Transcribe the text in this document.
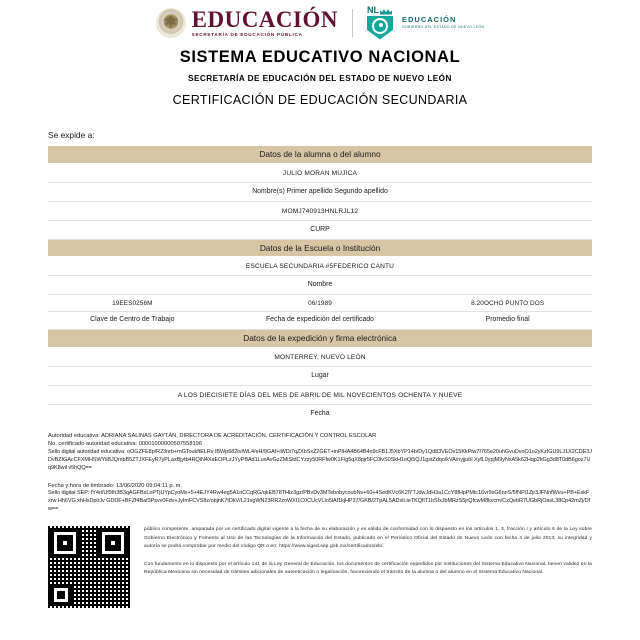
EDUCACIÓN
SECRETARÍA DE EDUCACIÓN PÚBLICA
NL
EDUCACIÓN
GOBIERNO DEL ESTADO DE NUEVO LEÓN
SISTEMA EDUCATIVO NACIONAL
SECRETARÍA DE EDUCACIÓN DEL ESTADO DE NUEVO LEÓN
CERTIFICACIÓN DE EDUCACIÓN SECUNDARIA
Se expide a:
Datos de la alumna o del alumno
JULIO MORAN MUJICA
Nombre(s) Primer apellido Segundo apellido
MOMJ740913HNLRJL12
CURP
Datos de la Escuela o Institución
ESCUELA SECUNDARIA #5FEDERICO CANTU
Nombre
19EES0256M	06/1989	8.20OCHO PUNTO DOS
Clave de Centro de Trabajo	Fecha de expedición del certificado	Promedio final
Datos de la expedición y firma electrónica
MONTERREY, NUEVO LEÓN
Lugar
A LOS DIECISIETE DÍAS DEL MES DE ABRIL DE MIL NOVECIENTOS OCHENTA Y NUEVE
Fecha
Autoridad educativa: ADRIANA SALINAS GAYTÁN, DIRECTORA DE ACREDITACIÓN, CERTIFICACIÓN Y CONTROL ESCOLAR
No. certificado autoridad educativa: 00001000000507558196
Sello digital autoridad educativa: oOGZFE8p/R23nrb+mGToukftELRv IBWp682tvIWL4/eH/9GAf+iWDi7qZXbSxZ2GET+inPlHA4B64B4n9cFB1J5XbYP14b/Dy1Qd83VEOv15KkPiw7I765e20uhGvuDvoO1o2yKzIGU9LJ1X2CDE3JDvBZIGAcCFXMHSWYiiBJQmbB5ZTJXFEyR7yPLaxBjytb4RQiN4XaEOPLzJYyPBAd1LuxAvGzZMiStdCYzzy50RFfw0K1F/g5qX8pjr5FC0lvS0SkH1oQi5QJ1gstZdqo/kVA/nyjjubl XyfL0ypjM9yNxA5k62Hqp2kGg3d8T0dB6goz7Uq9K8wil v5hQQ==
Fecha y hora de timbrado: 13/06/2020 09:04:11 p. m.
Sello digital SEP: fY4ri/Uf9Ih3B3qAGFBsLoPTjUYpCyoMx+5+4EJY4Rw4eg5A1nCCqRG/qkEB78THIz3gz/PBvDv3MTebobycoubNv+60+4SedKVc6K2lYTJdwJdH3a1CcY8fHpPMtc16vr9sG6nnS/5fNPi1Zjr3JFNnfWvu+PB+ExkFxrw Hh6VG xhHxDplrJv GDDF+BFZf4Baf3Psvv0Fdv+JyImFCVS8z/objnK7tDkV/L21xgWN23RR2zoWXI1C0CUcVLIo5lAf1kjHP37/GKB/2TpAL5ADxiLteTKQfiT1bSIxJbMRzS5jrQIcwM8kvcm/CxQebR7UGbRjOavL38Cp42mZj/Dfw==

público competente, amparada por un certificado digital vigente a la fecha de su elaboración y es válido de conformidad con lo dispuesto en los artículos 1, 3, fracción I y artículo 6 de la Ley sobre Gobierno Electrónico y Fomento al Uso de las Tecnologías de la Información del Estado, publicado en el Periódico Oficial del Estado de Nuevo León con fecha 4 de julio 2013; su integridad y autoría se podrá comprobar por medio del código QR o en: https://www.siged.sep.gob.mx/certificados/eb/.

Con fundamento en lo dispuesto por el artículo 141 de la Ley General de Educación, los documentos de certificación expedidos por instituciones del Sistema Educativo Nacional, tienen validez en la República Mexicana sin necesidad de trámites adicionales de autenticación o legalización, favoreciendo el tránsito de la alumna o del alumno en el Sistema Educativo Nacional.
